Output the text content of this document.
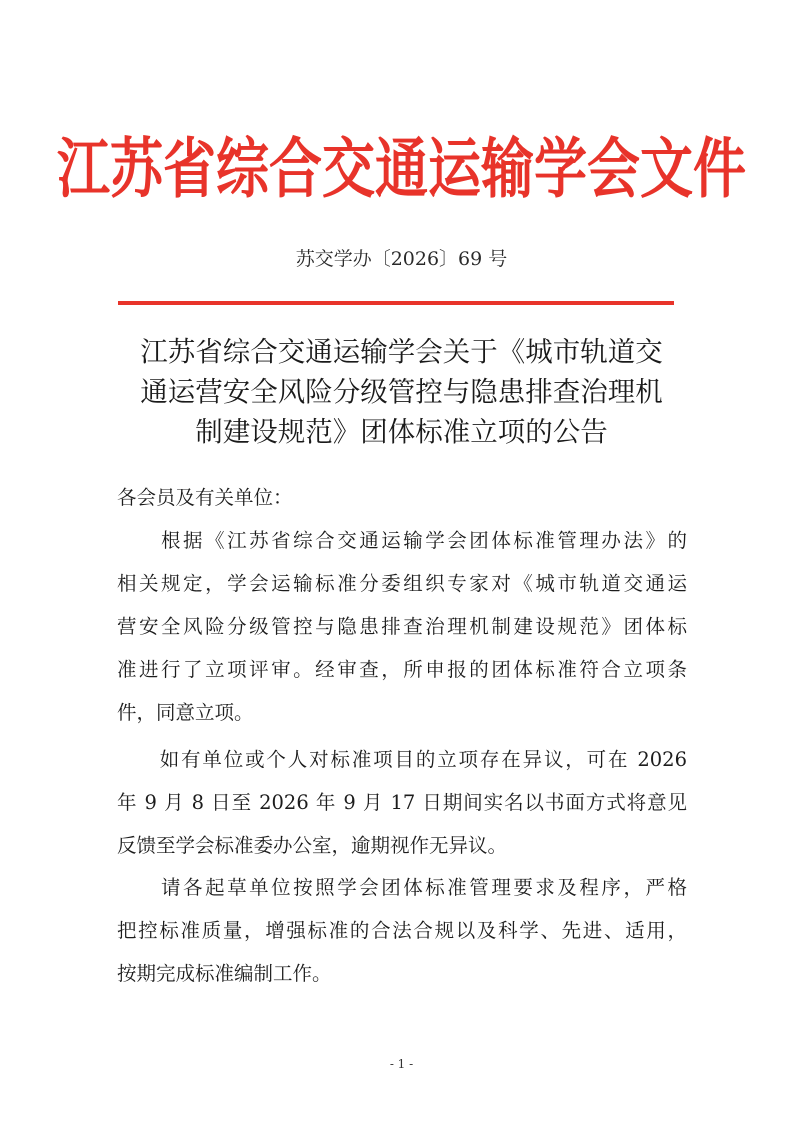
江苏省综合交通运输学会文件
苏交学办〔2026〕69 号
江苏省综合交通运输学会关于《城市轨道交
通运营安全风险分级管控与隐患排查治理机
制建设规范》团体标准立项的公告
各会员及有关单位：
　　根据《江苏省综合交通运输学会团体标准管理办法》的
相关规定，学会运输标准分委组织专家对《城市轨道交通运
营安全风险分级管控与隐患排查治理机制建设规范》团体标
准进行了立项评审。经审查，所申报的团体标准符合立项条
件，同意立项。
　　如有单位或个人对标准项目的立项存在异议，可在 2026
年 9 月 8 日至 2026 年 9 月 17 日期间实名以书面方式将意见
反馈至学会标准委办公室，逾期视作无异议。
　　请各起草单位按照学会团体标准管理要求及程序，严格
把控标准质量，增强标准的合法合规以及科学、先进、适用，
按期完成标准编制工作。
- 1 -
